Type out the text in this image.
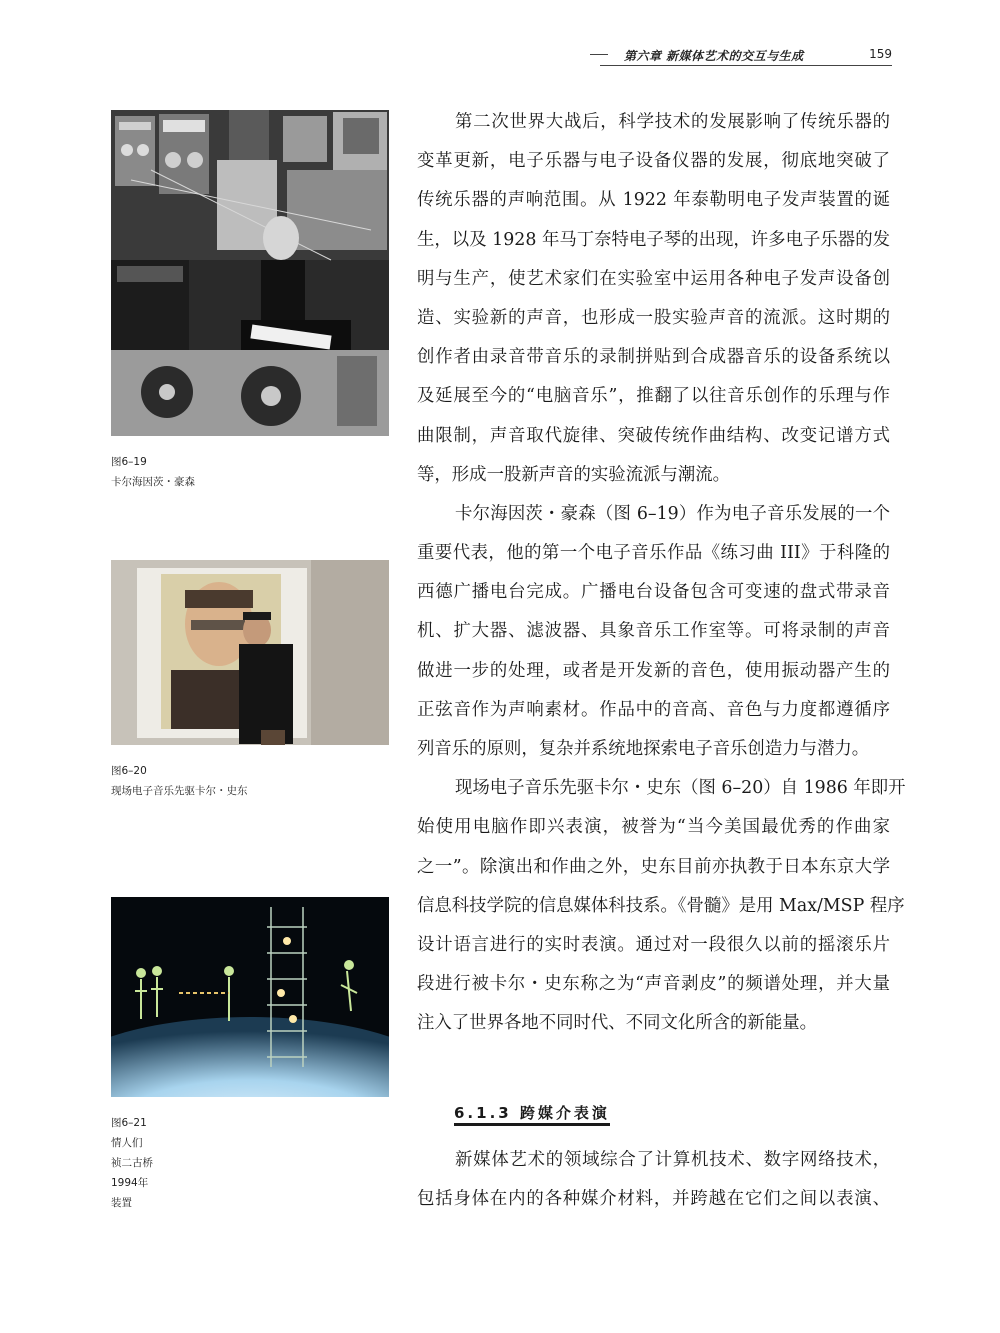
第六章 新媒体艺术的交互与生成	159
图6–19
卡尔海因茨・豪森
图6–20
现场电子音乐先驱卡尔・史东
图6–21
情人们
祯二古桥
1994年
装置
第二次世界大战后，科学技术的发展影响了传统乐器的
变革更新，电子乐器与电子设备仪器的发展，彻底地突破了
传统乐器的声响范围。从 1922 年泰勒明电子发声装置的诞
生，以及 1928 年马丁奈特电子琴的出现，许多电子乐器的发
明与生产，使艺术家们在实验室中运用各种电子发声设备创
造、实验新的声音，也形成一股实验声音的流派。这时期的
创作者由录音带音乐的录制拼贴到合成器音乐的设备系统以
及延展至今的“电脑音乐”，推翻了以往音乐创作的乐理与作
曲限制，声音取代旋律、突破传统作曲结构、改变记谱方式
等，形成一股新声音的实验流派与潮流。
卡尔海因茨・豪森（图 6–19）作为电子音乐发展的一个
重要代表，他的第一个电子音乐作品《练习曲 III》于科隆的
西德广播电台完成。广播电台设备包含可变速的盘式带录音
机、扩大器、滤波器、具象音乐工作室等。可将录制的声音
做进一步的处理，或者是开发新的音色，使用振动器产生的
正弦音作为声响素材。作品中的音高、音色与力度都遵循序
列音乐的原则，复杂并系统地探索电子音乐创造力与潜力。
现场电子音乐先驱卡尔・史东（图 6–20）自 1986 年即开
始使用电脑作即兴表演，被誉为“当今美国最优秀的作曲家
之一”。除演出和作曲之外，史东目前亦执教于日本东京大学
信息科技学院的信息媒体科技系。《骨髓》是用 Max/MSP 程序
设计语言进行的实时表演。通过对一段很久以前的摇滚乐片
段进行被卡尔・史东称之为“声音剥皮”的频谱处理，并大量
注入了世界各地不同时代、不同文化所含的新能量。
6.1.3 跨媒介表演
新媒体艺术的领域综合了计算机技术、数字网络技术，
包括身体在内的各种媒介材料，并跨越在它们之间以表演、
